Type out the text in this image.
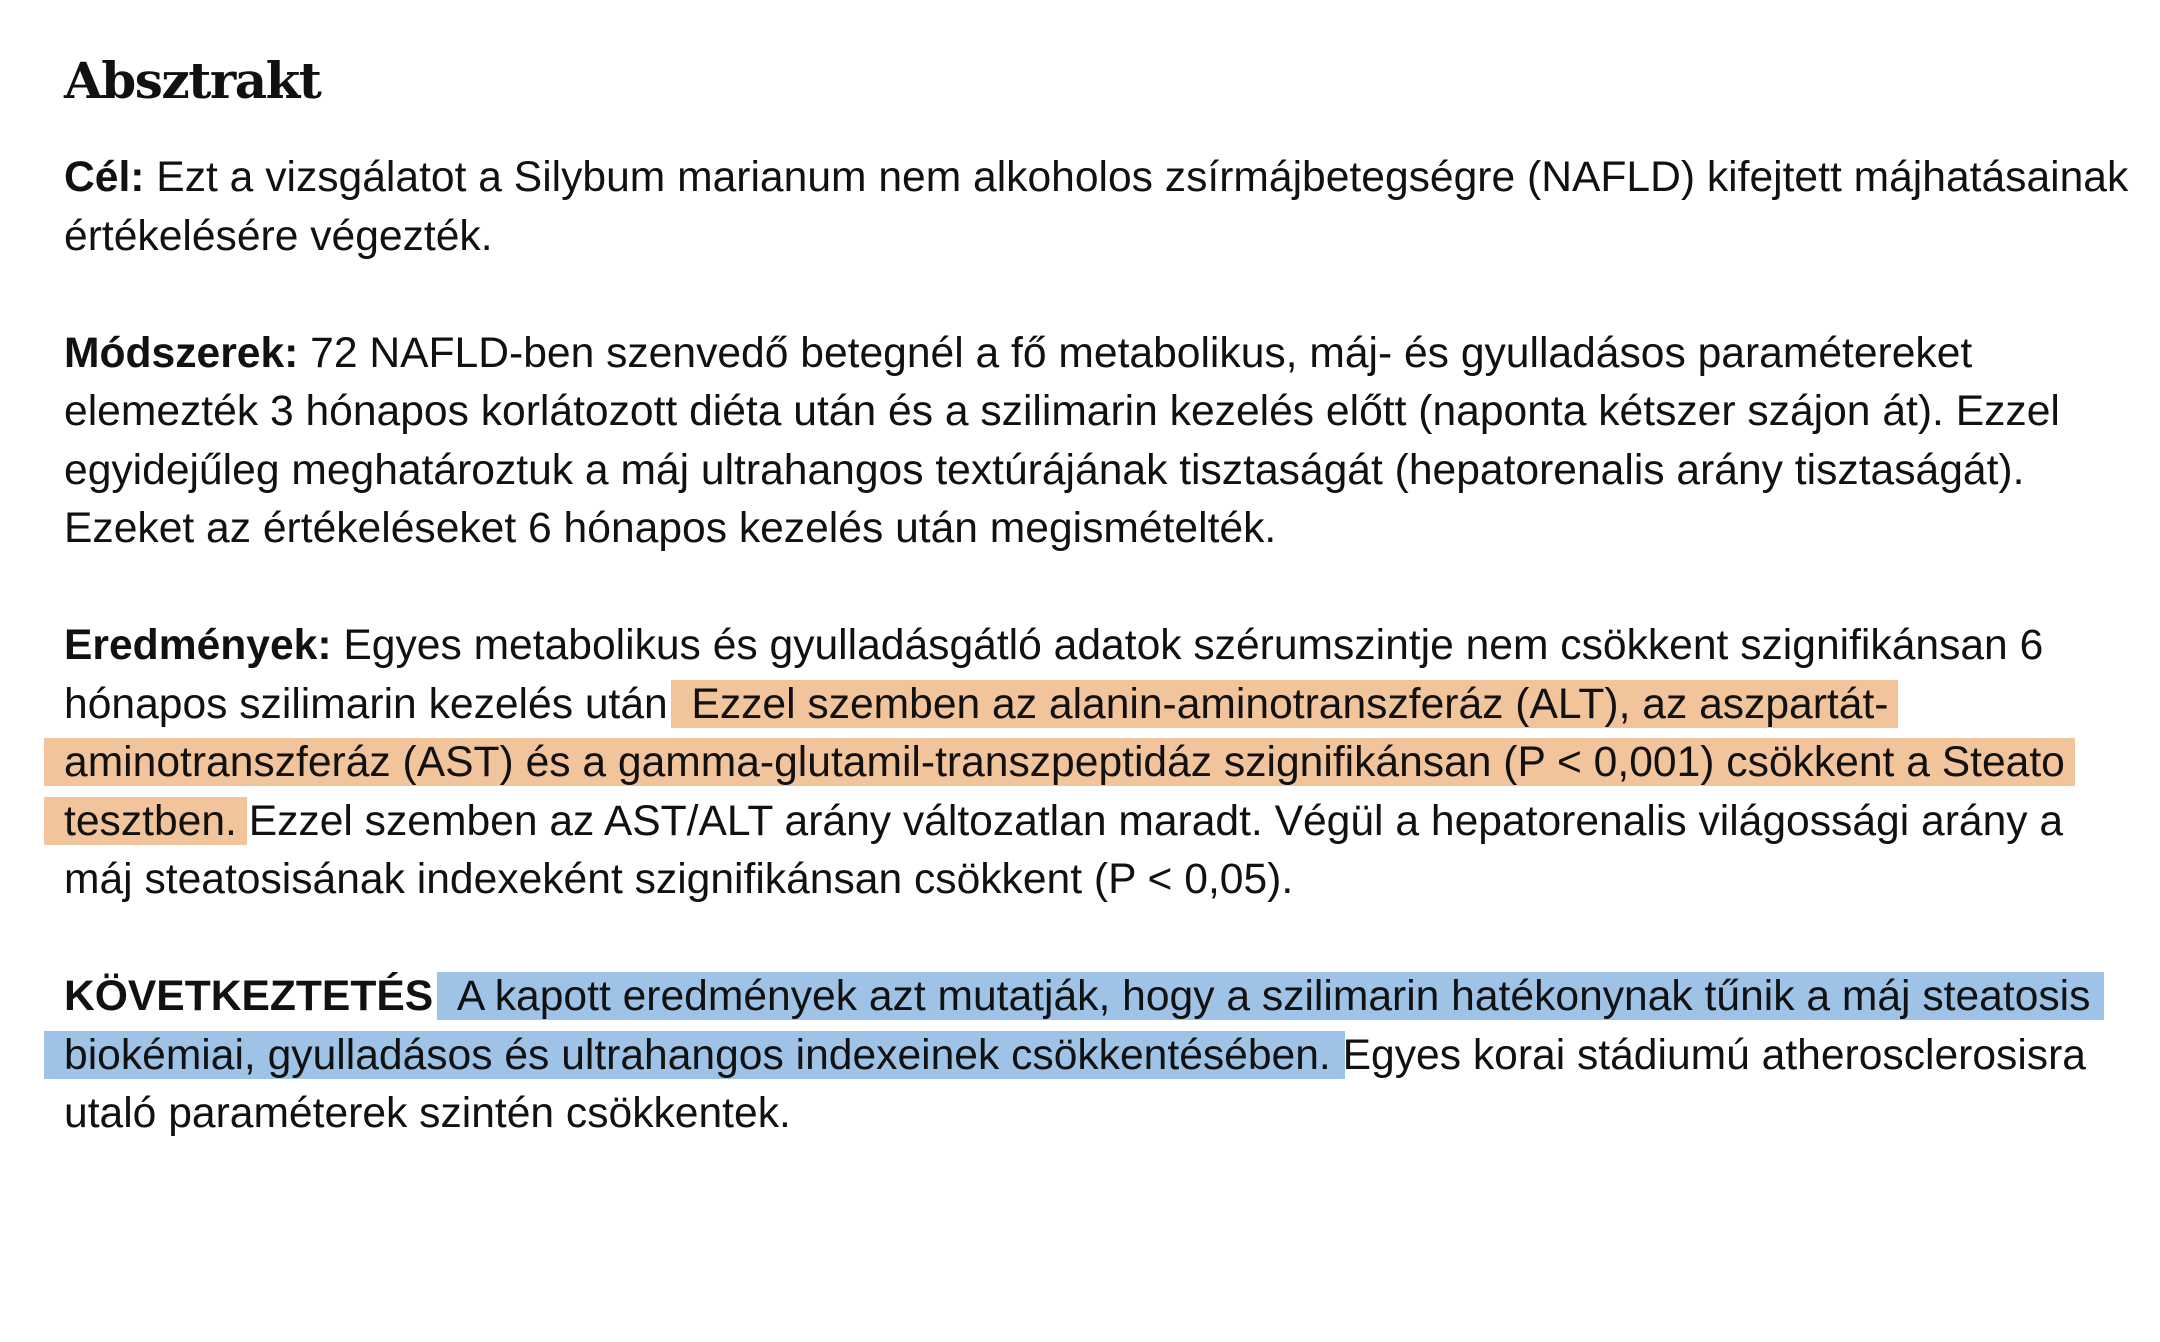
Absztrakt

Cél: Ezt a vizsgálatot a Silybum marianum nem alkoholos zsírmájbetegségre (NAFLD) kifejtett májhatásainak értékelésére végezték.

Módszerek: 72 NAFLD-ben szenvedő betegnél a fő metabolikus, máj- és gyulladásos paramétereket elemezték 3 hónapos korlátozott diéta után és a szilimarin kezelés előtt (naponta kétszer szájon át). Ezzel egyidejűleg meghatároztuk a máj ultrahangos textúrájának tisztaságát (hepatorenalis arány tisztaságát). Ezeket az értékeléseket 6 hónapos kezelés után megismételték.

Eredmények: Egyes metabolikus és gyulladásgátló adatok szérumszintje nem csökkent szignifikánsan 6 hónapos szilimarin kezelés után. Ezzel szemben az alanin-aminotranszferáz (ALT), az aszpartát-aminotranszferáz (AST) és a gamma-glutamil-transzpeptidáz szignifikánsan (P < 0,001) csökkent a Steato tesztben. Ezzel szemben az AST/ALT arány változatlan maradt. Végül a hepatorenalis világossági arány a máj steatosisának indexeként szignifikánsan csökkent (P < 0,05).

KÖVETKEZTETÉS: A kapott eredmények azt mutatják, hogy a szilimarin hatékonynak tűnik a máj steatosis biokémiai, gyulladásos és ultrahangos indexeinek csökkentésében. Egyes korai stádiumú atherosclerosisra utaló paraméterek szintén csökkentek.
